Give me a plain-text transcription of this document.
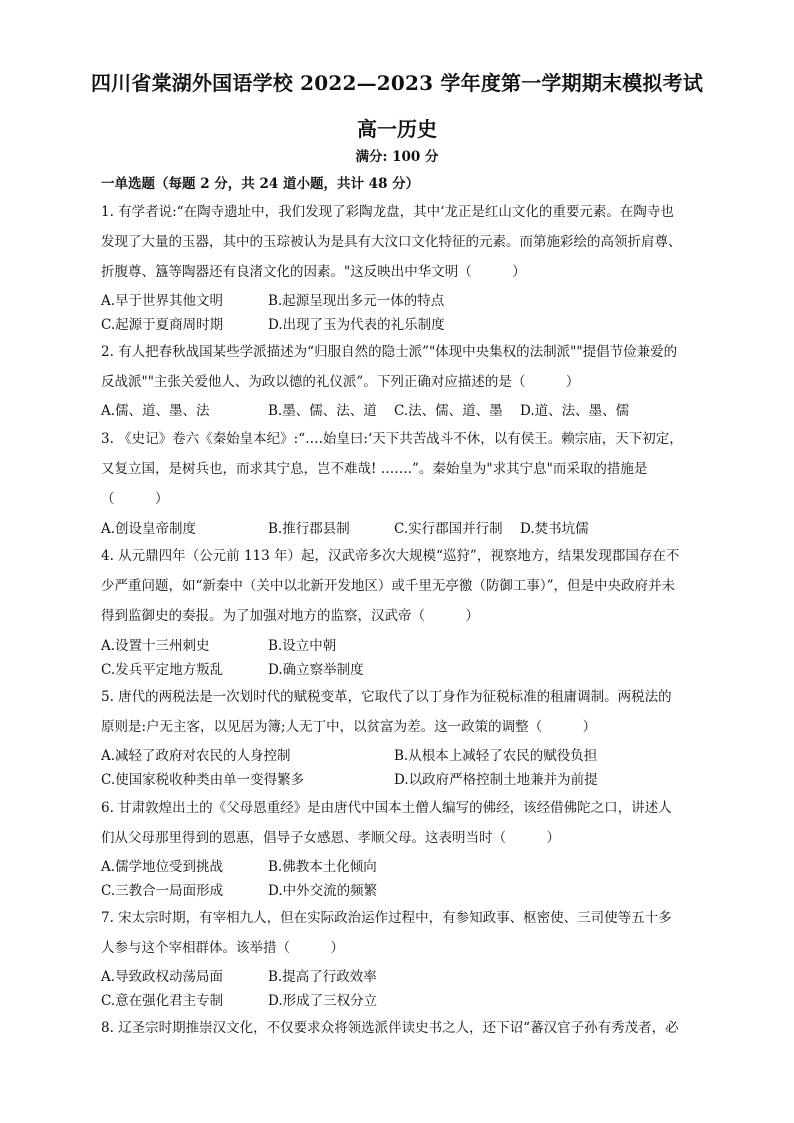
四川省棠湖外国语学校 2022—2023 学年度第一学期期末模拟考试
高一历史
满分: 100 分
一单选题（每题 2 分，共 24 道小题，共计 48 分）
1. 有学者说:“在陶寺遗址中，我们发现了彩陶龙盘，其中‘龙正是红山文化的重要元素。在陶寺也
发现了大量的玉器，其中的玉琮被认为是具有大汶口文化特征的元素。而第施彩绘的高领折肩尊、
折腹尊、簋等陶器还有良渚文化的因素。"这反映出中华文明（　　　）
A.早于世界其他文明	B.起源呈现出多元一体的特点
C.起源于夏商周时期	D.出现了玉为代表的礼乐制度
2. 有人把春秋战国某些学派描述为“归服自然的隐士派”"体现中央集权的法制派""提倡节俭兼爱的
反战派""主张关爱他人、为政以德的礼仪派”。下列正确对应描述的是（　　　）
A.儒、道、墨、法	B.墨、儒、法、道 C.法、儒、道、墨 D.道、法、墨、儒
3. 《史记》卷六《秦始皇本纪》:“….始皇曰:‘天下共苦战斗不休，以有侯王。赖宗庙，天下初定，
又复立国，是树兵也，而求其宁息，岂不难哉! …….”。秦始皇为"求其宁息"而采取的措施是
（　　　）
A.创设皇帝制度	B.推行郡县制	C.实行郡国并行制 D.焚书坑儒
4. 从元鼎四年（公元前 113 年）起，汉武帝多次大规模“巡狩”，视察地方，结果发现郡国存在不
少严重问题，如“新秦中（关中以北新开发地区）或千里无亭徼（防御工事）”，但是中央政府并未
得到监御史的奏报。为了加强对地方的监察，汉武帝（　　　）
A.设置十三州刺史	B.设立中朝
C.发兵平定地方叛乱	D.确立察举制度
5. 唐代的两税法是一次划时代的赋税变革，它取代了以丁身作为征税标准的租庸调制。两税法的
原则是:户无主客，以见居为簿;人无丁中，以贫富为差。这一政策的调整（　　　）
A.减轻了政府对农民的人身控制	B.从根本上减轻了农民的赋役负担
C.使国家税收种类由单一变得繁多	D.以政府严格控制土地兼并为前提
6. 甘肃敦煌出土的《父母恩重经》是由唐代中国本土僧人编写的佛经，该经借佛陀之口，讲述人
们从父母那里得到的恩惠，倡导子女感恩、孝顺父母。这表明当时（　　　）
A.儒学地位受到挑战	B.佛教本土化倾向
C.三教合一局面形成	D.中外交流的频繁
7. 宋太宗时期，有宰相九人，但在实际政治运作过程中，有参知政事、枢密使、三司使等五十多
人参与这个宰相群体。该举措（　　　）
A.导致政权动荡局面	B.提高了行政效率
C.意在强化君主专制	D.形成了三权分立
8. 辽圣宗时期推崇汉文化，不仅要求众将领选派伴读史书之人，还下诏“蕃汉官子孙有秀茂者，必
